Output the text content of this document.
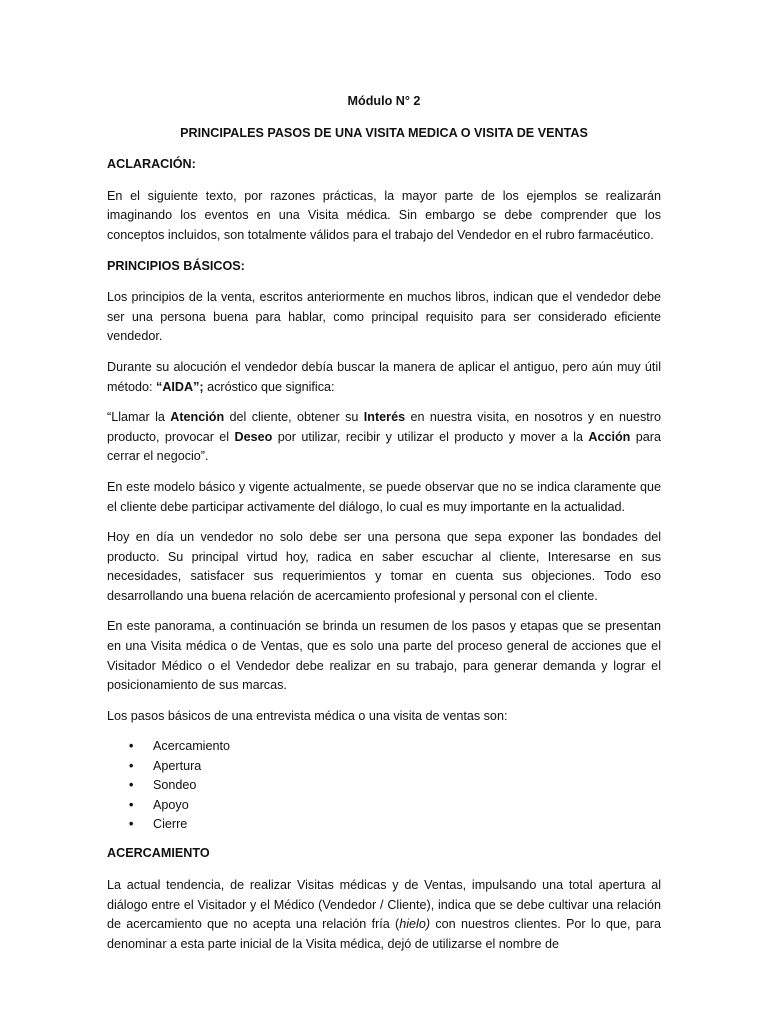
Módulo N° 2
PRINCIPALES PASOS DE UNA VISITA MEDICA O VISITA DE VENTAS
ACLARACIÓN:

En el siguiente texto, por razones prácticas, la mayor parte de los ejemplos se realizarán imaginando los eventos en una Visita médica. Sin embargo se debe comprender que los conceptos incluidos, son totalmente válidos para el trabajo del Vendedor en el rubro farmacéutico.

PRINCIPIOS BÁSICOS:

Los principios de la venta, escritos anteriormente en muchos libros, indican que el vendedor debe ser una persona buena para hablar, como principal requisito para ser considerado eficiente vendedor.

Durante su alocución el vendedor debía buscar la manera de aplicar el antiguo, pero aún muy útil método: “AIDA”; acróstico que significa:

“Llamar la Atención del cliente, obtener su Interés en nuestra visita, en nosotros y en nuestro producto, provocar el Deseo por utilizar, recibir y utilizar el producto y mover a la Acción para cerrar el negocio”.

En este modelo básico y vigente actualmente, se puede observar que no se indica claramente que el cliente debe participar activamente del diálogo, lo cual es muy importante en la actualidad.

Hoy en día un vendedor no solo debe ser una persona que sepa exponer las bondades del producto. Su principal virtud hoy, radica en saber escuchar al cliente, Interesarse en sus necesidades, satisfacer sus requerimientos y tomar en cuenta sus objeciones. Todo eso desarrollando una buena relación de acercamiento profesional y personal con el cliente.

En este panorama, a continuación se brinda un resumen de los pasos y etapas que se presentan en una Visita médica o de Ventas, que es solo una parte del proceso general de acciones que el Visitador Médico o el Vendedor debe realizar en su trabajo, para generar demanda y lograr el posicionamiento de sus marcas.

Los pasos básicos de una entrevista médica o una visita de ventas son:

• Acercamiento
• Apertura
• Sondeo
• Apoyo
• Cierre
ACERCAMIENTO

La actual tendencia, de realizar Visitas médicas y de Ventas, impulsando una total apertura al diálogo entre el Visitador y el Médico (Vendedor / Cliente), indica que se debe cultivar una relación de acercamiento que no acepta una relación fría (hielo) con nuestros clientes. Por lo que, para denominar a esta parte inicial de la Visita médica, dejó de utilizarse el nombre de
